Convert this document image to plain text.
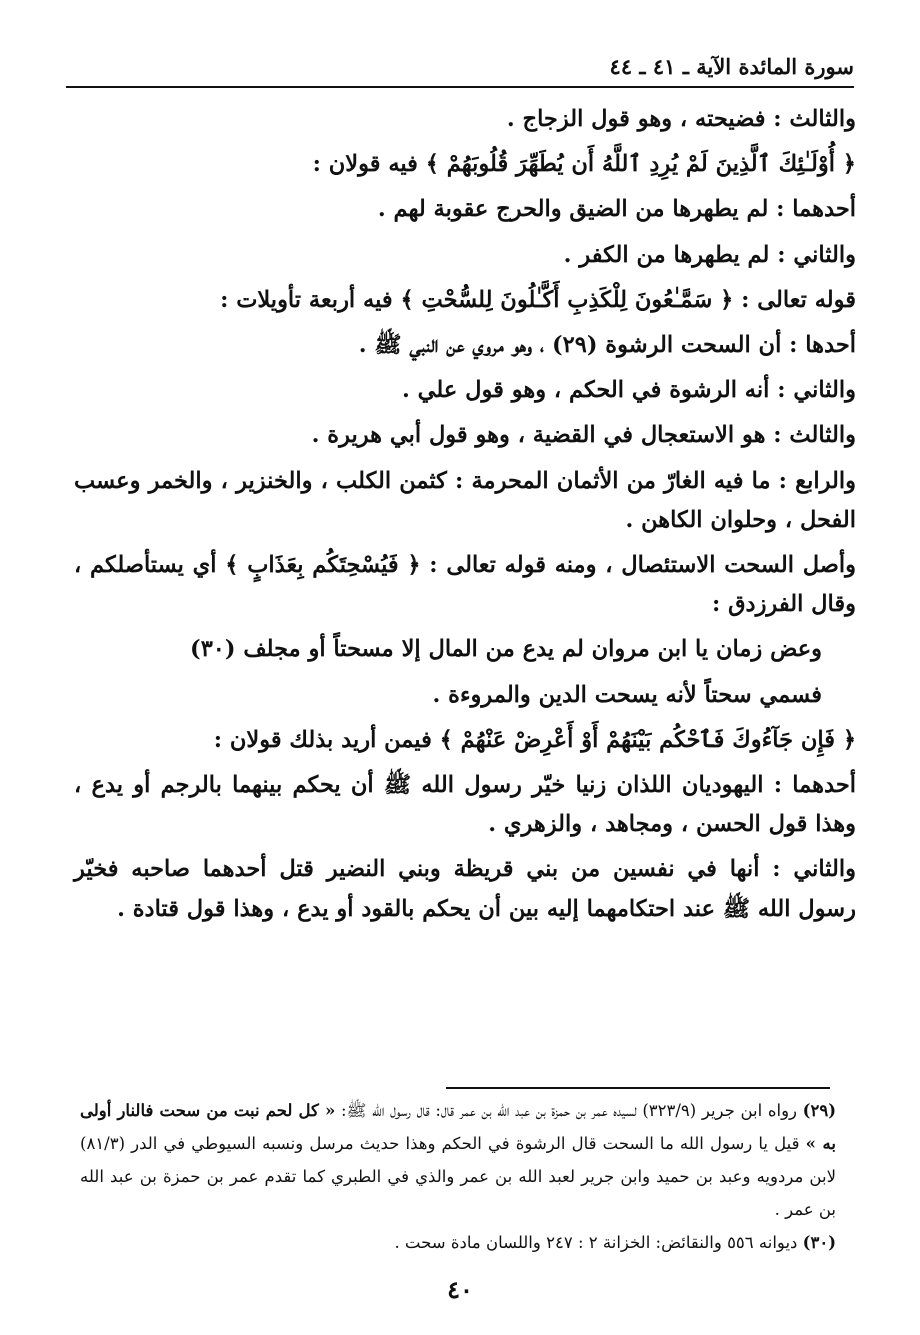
سورة المائدة الآية ـ ٤١ ـ ٤٤

والثالث : فضيحته ، وهو قول الزجاج .

﴿ أُوْلَـٰئِكَ ٱلَّذِينَ لَمْ يُرِدِ ٱللَّهُ أَن يُطَهِّرَ قُلُوبَهُمْ ﴾ فيه قولان :

أحدهما : لم يطهرها من الضيق والحرج عقوبة لهم .

والثاني : لم يطهرها من الكفر .

قوله تعالى : ﴿ سَمَّـٰعُونَ لِلْكَذِبِ أَكَّـٰلُونَ لِلسُّحْتِ ﴾ فيه أربعة تأويلات :

أحدها : أن السحت الرشوة (٢٩) ، وهو مروي عن النبي ﷺ .

والثاني : أنه الرشوة في الحكم ، وهو قول علي .

والثالث : هو الاستعجال في القضية ، وهو قول أبي هريرة .

والرابع : ما فيه الغارّ من الأثمان المحرمة : كثمن الكلب ، والخنزير ، والخمر وعسب الفحل ، وحلوان الكاهن .

وأصل السحت الاستئصال ، ومنه قوله تعالى : ﴿ فَيُسْحِتَكُم بِعَذَابٍ ﴾ أي يستأصلكم ، وقال الفرزدق :

وعض زمان يا ابن مروان لم يدع من المال إلا مسحتاً أو مجلف (٣٠)

فسمي سحتاً لأنه يسحت الدين والمروءة .

﴿ فَإِن جَآءُوكَ فَٱحْكُم بَيْنَهُمْ أَوْ أَعْرِضْ عَنْهُمْ ﴾ فيمن أريد بذلك قولان :

أحدهما : اليهوديان اللذان زنيا خيّر رسول الله ﷺ أن يحكم بينهما بالرجم أو يدع ، وهذا قول الحسن ، ومجاهد ، والزهري .

والثاني : أنها في نفسين من بني قريظة وبني النضير قتل أحدهما صاحبه فخيّر رسول الله ﷺ عند احتكامهما إليه بين أن يحكم بالقود أو يدع ، وهذا قول قتادة .

(٢٩) رواه ابن جرير (٣٢٣/٩) لسيده عمر بن حمزة بن عبد الله بن عمر قال: قال رسول الله ﷺ: « كل لحم نبت من سحت فالنار أولى به » قيل يا رسول الله ما السحت قال الرشوة في الحكم وهذا حديث مرسل ونسبه السيوطي في الدر (٨١/٣) لابن مردويه وعبد بن حميد وابن جرير لعبد الله بن عمر والذي في الطبري كما تقدم عمر بن حمزة بن عبد الله بن عمر .

(٣٠) ديوانه ٥٥٦ والنقائض: الخزانة ٢ : ٢٤٧ واللسان مادة سحت .

٤٠
